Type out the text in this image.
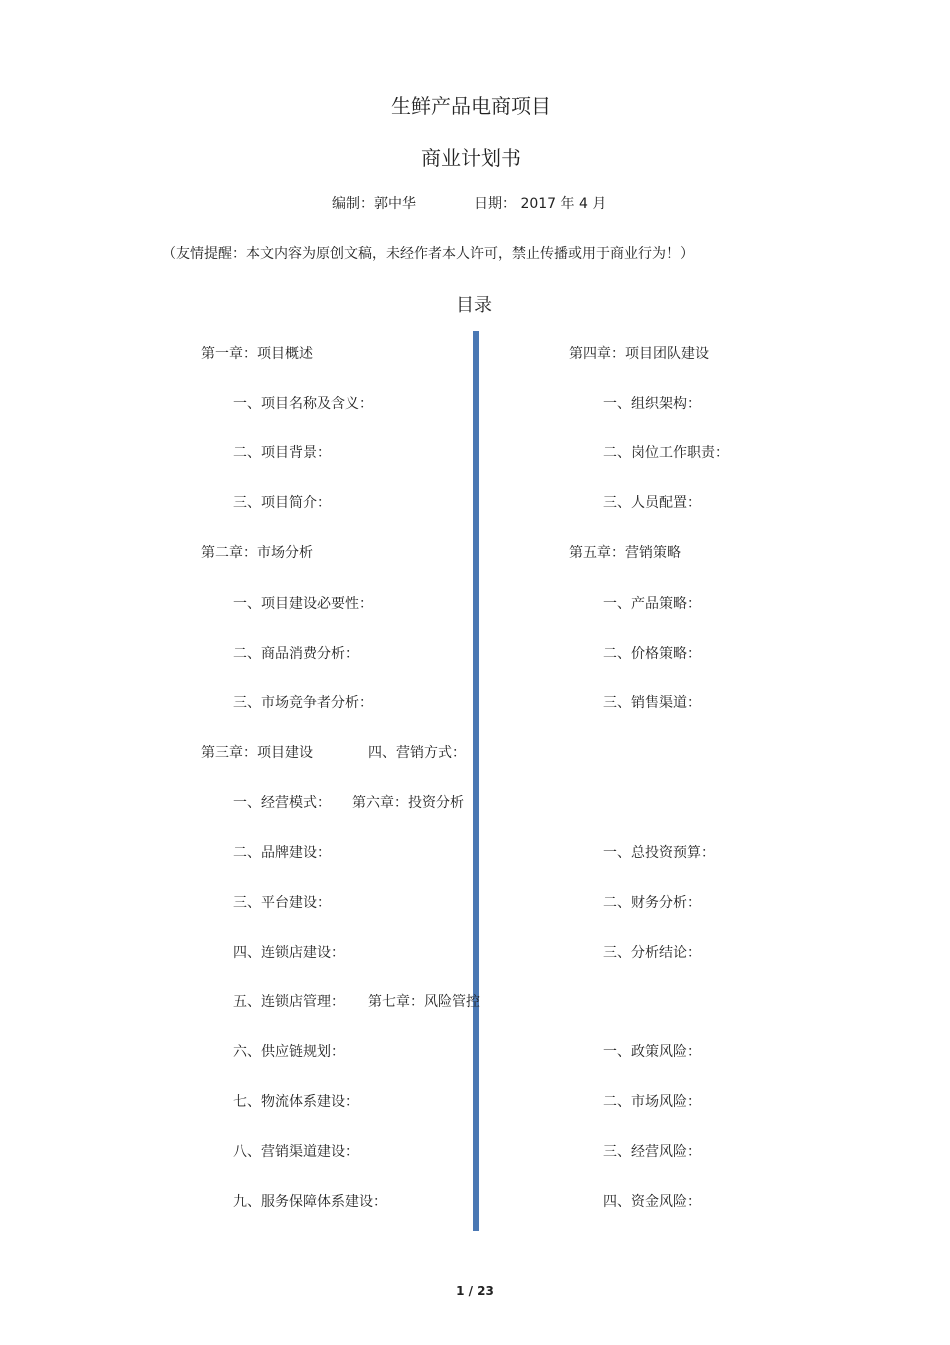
生鲜产品电商项目
商业计划书
编制：郭中华	日期： 2017 年 4 月
（友情提醒：本文内容为原创文稿，未经作者本人许可，禁止传播或用于商业行为！）
目录
第一章：项目概述
一、项目名称及含义：
二、项目背景：
三、项目简介：
第二章：市场分析
一、项目建设必要性：
二、商品消费分析：
三、市场竞争者分析：
第三章：项目建设
一、经营模式：
二、品牌建设：
三、平台建设：
四、连锁店建设：
五、连锁店管理：
六、供应链规划：
七、物流体系建设：
八、营销渠道建设：
九、服务保障体系建设：
四、营销方式：
第六章：投资分析
第七章：风险管控
第四章：项目团队建设
一、组织架构：
二、岗位工作职责：
三、人员配置：
第五章：营销策略
一、产品策略：
二、价格策略：
三、销售渠道：
一、总投资预算：
二、财务分析：
三、分析结论：
一、政策风险：
二、市场风险：
三、经营风险：
四、资金风险：
1 / 23
